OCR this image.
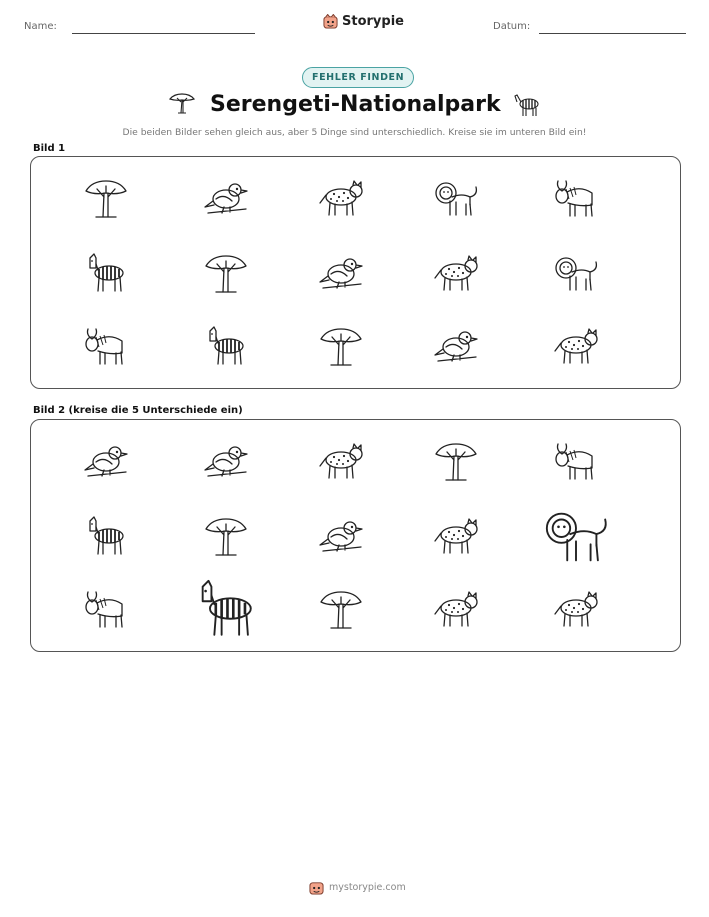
Name:	Storypie	Datum:
FEHLER FINDEN
Serengeti-Nationalpark
Die beiden Bilder sehen gleich aus, aber 5 Dinge sind unterschiedlich. Kreise sie im unteren Bild ein!
Bild 1
Bild 2 (kreise die 5 Unterschiede ein)
mystorypie.com
